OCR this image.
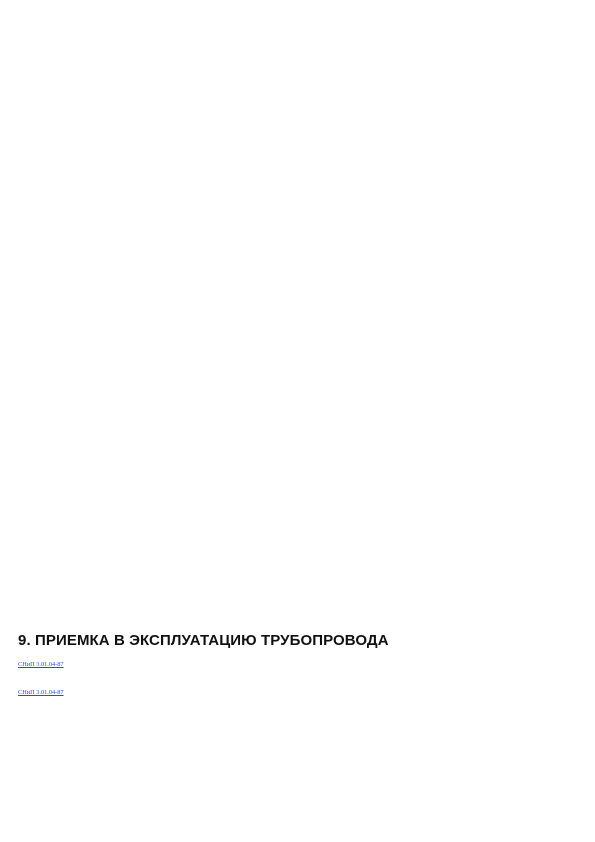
9. ПРИЕМКА В ЭКСПЛУАТАЦИЮ ТРУБОПРОВОДА

СНиП 3.01.04-87

СНиП 3.01.04-87
